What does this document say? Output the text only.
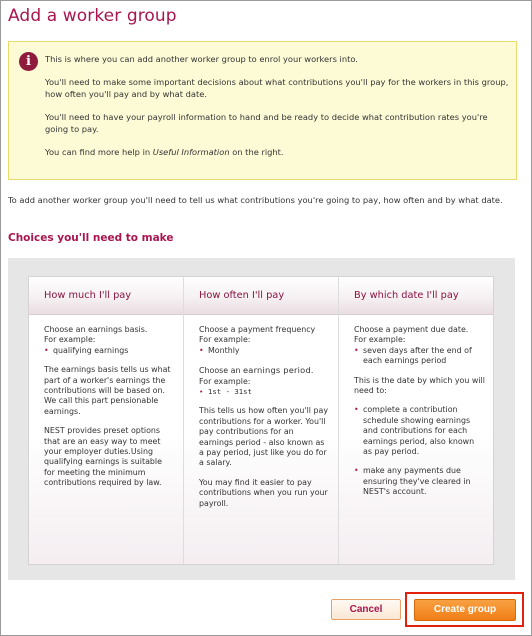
Add a worker group
i	This is where you can add another worker group to enrol your workers into.

You'll need to make some important decisions about what contributions you'll pay for the workers in this group, how often you'll pay and by what date.

You'll need to have your payroll information to hand and be ready to decide what contribution rates you're going to pay.

You can find more help in Useful Information on the right.

To add another worker group you'll need to tell us what contributions you're going to pay, how often and by what date.

Choices you'll need to make
How much I'll pay

Choose an earnings basis.
For example:
• qualifying earnings

The earnings basis tells us what part of a worker's earnings the contributions will be based on. We call this part pensionable earnings.

NEST provides preset options that are an easy way to meet your employer duties.Using qualifying earnings is suitable for meeting the minimum contributions required by law.

How often I'll pay

Choose a payment frequency
For example:
• Monthly

Choose an earnings period.
For example:
• 1st - 31st

This tells us how often you'll pay contributions for a worker. You'll pay contributions for an earnings period - also known as a pay period, just like you do for a salary.

You may find it easier to pay contributions when you run your payroll.

By which date I'll pay

Choose a payment due date.
For example:
• seven days after the end of each earnings period

This is the date by which you will need to:

• complete a contribution schedule showing earnings and contributions for each earnings period, also known as pay period.

• make any payments due ensuring they've cleared in NEST's account.

Cancel	Create group
